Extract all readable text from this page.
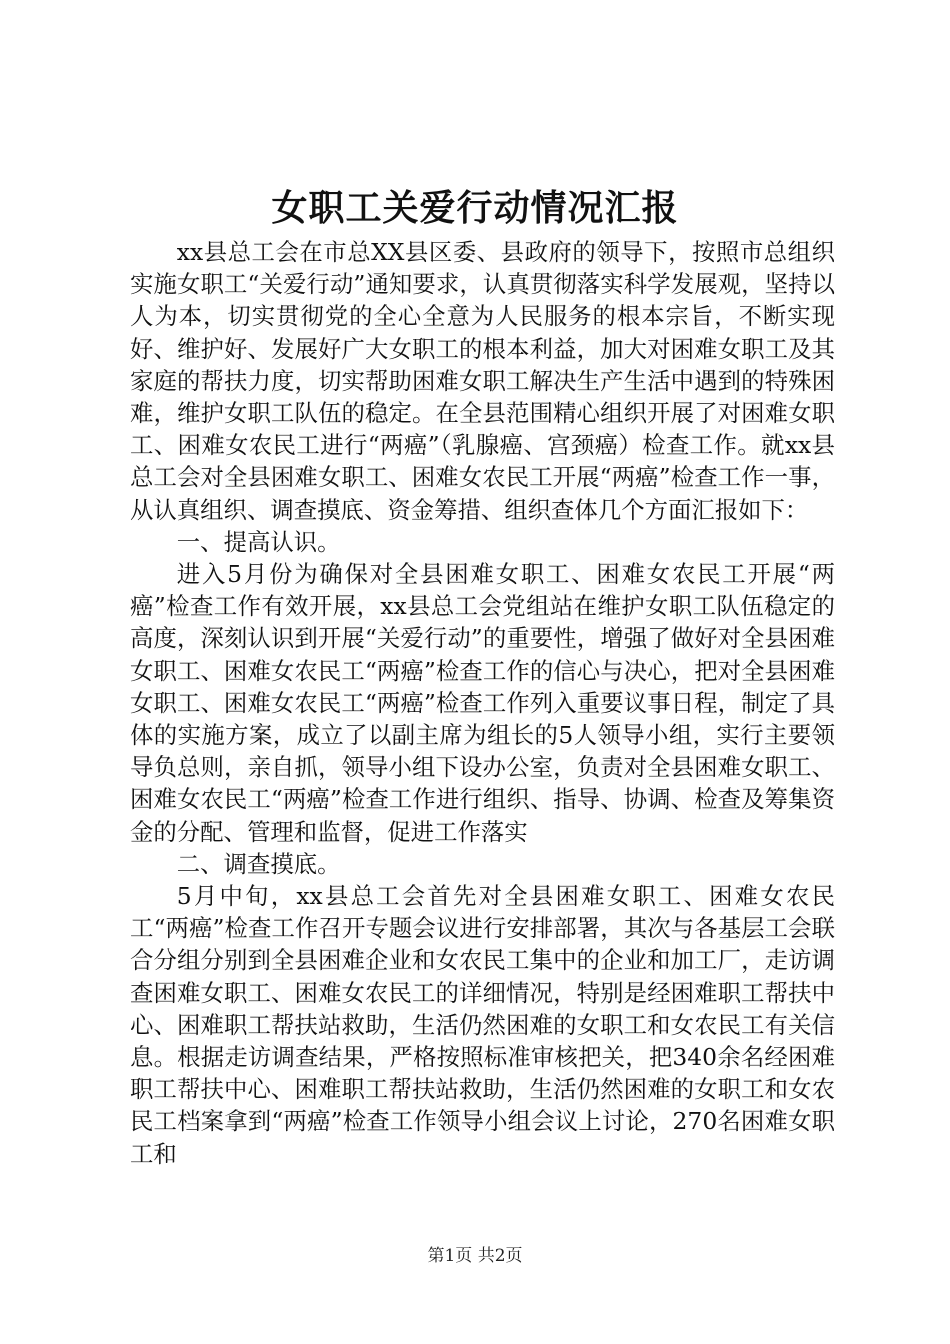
女职工关爱行动情况汇报

xx县总工会在市总XX县区委、县政府的领导下，按照市总组织实施女职工“关爱行动”通知要求，认真贯彻落实科学发展观，坚持以人为本，切实贯彻党的全心全意为人民服务的根本宗旨，不断实现好、维护好、发展好广大女职工的根本利益，加大对困难女职工及其家庭的帮扶力度，切实帮助困难女职工解决生产生活中遇到的特殊困难，维护女职工队伍的稳定。在全县范围精心组织开展了对困难女职工、困难女农民工进行“两癌”（乳腺癌、宫颈癌）检查工作。就xx县总工会对全县困难女职工、困难女农民工开展“两癌”检查工作一事，从认真组织、调查摸底、资金筹措、组织查体几个方面汇报如下：

一、提高认识。

进入5月份为确保对全县困难女职工、困难女农民工开展“两癌”检查工作有效开展，xx县总工会党组站在维护女职工队伍稳定的高度，深刻认识到开展“关爱行动”的重要性，增强了做好对全县困难女职工、困难女农民工“两癌”检查工作的信心与决心，把对全县困难女职工、困难女农民工“两癌”检查工作列入重要议事日程，制定了具体的实施方案，成立了以副主席为组长的5人领导小组，实行主要领导负总则，亲自抓，领导小组下设办公室，负责对全县困难女职工、困难女农民工“两癌”检查工作进行组织、指导、协调、检查及筹集资金的分配、管理和监督，促进工作落实

二、调查摸底。

5月中旬，xx县总工会首先对全县困难女职工、困难女农民工“两癌”检查工作召开专题会议进行安排部署，其次与各基层工会联合分组分别到全县困难企业和女农民工集中的企业和加工厂，走访调查困难女职工、困难女农民工的详细情况，特别是经困难职工帮扶中心、困难职工帮扶站救助，生活仍然困难的女职工和女农民工有关信息。根据走访调查结果，严格按照标准审核把关，把340余名经困难职工帮扶中心、困难职工帮扶站救助，生活仍然困难的女职工和女农民工档案拿到“两癌”检查工作领导小组会议上讨论，270名困难女职工和

第1页 共2页
